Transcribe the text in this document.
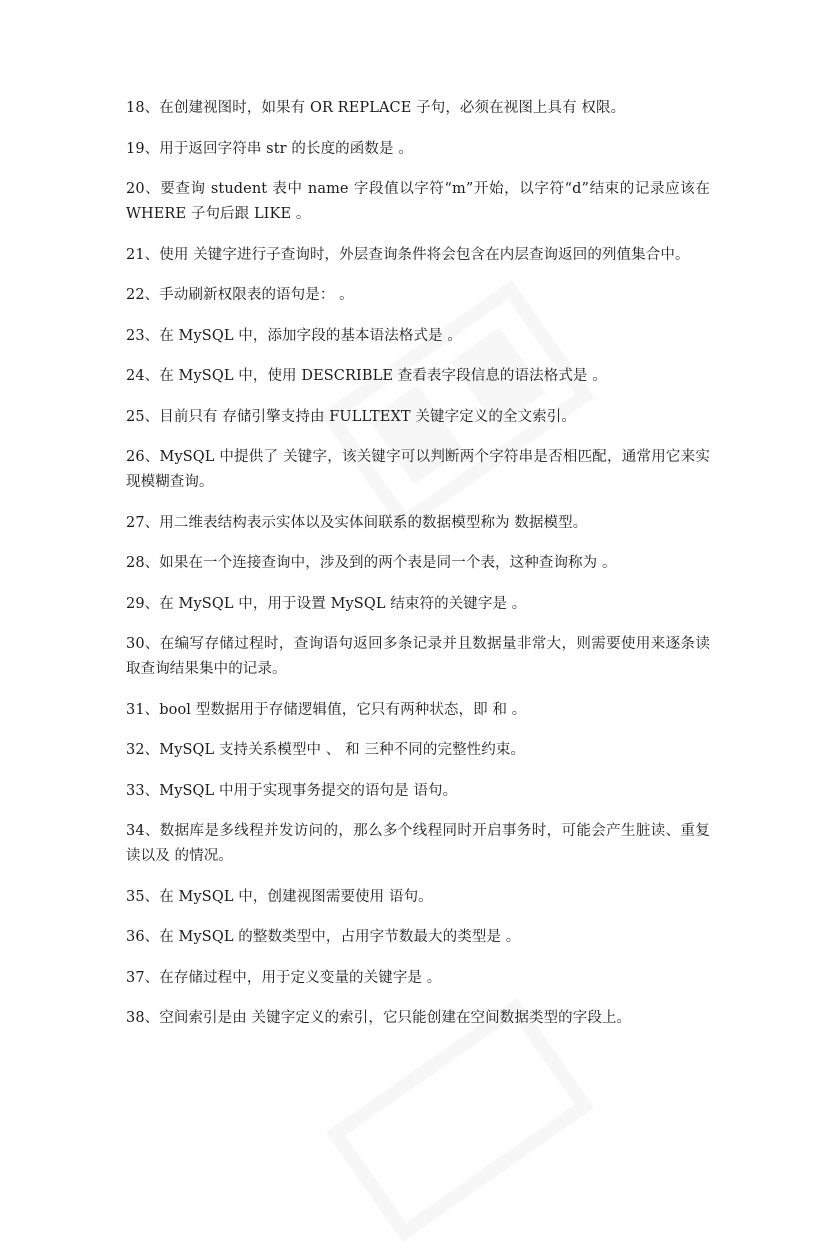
18、在创建视图时，如果有 OR REPLACE 子句，必须在视图上具有 权限。

19、用于返回字符串 str 的长度的函数是 。

20、要查询 student 表中 name 字段值以字符“m”开始，以字符“d”结束的记录应该在 WHERE 子句后跟 LIKE 。

21、使用 关键字进行子查询时，外层查询条件将会包含在内层查询返回的列值集合中。

22、手动刷新权限表的语句是： 。

23、在 MySQL 中，添加字段的基本语法格式是 。

24、在 MySQL 中，使用 DESCRIBLE 查看表字段信息的语法格式是 。

25、目前只有 存储引擎支持由 FULLTEXT 关键字定义的全文索引。

26、MySQL 中提供了 关键字，该关键字可以判断两个字符串是否相匹配，通常用它来实现模糊查询。

27、用二维表结构表示实体以及实体间联系的数据模型称为 数据模型。

28、如果在一个连接查询中，涉及到的两个表是同一个表，这种查询称为 。

29、在 MySQL 中，用于设置 MySQL 结束符的关键字是 。

30、在编写存储过程时，查询语句返回多条记录并且数据量非常大，则需要使用来逐条读取查询结果集中的记录。

31、bool 型数据用于存储逻辑值，它只有两种状态，即 和 。

32、MySQL 支持关系模型中 、 和 三种不同的完整性约束。

33、MySQL 中用于实现事务提交的语句是 语句。

34、数据库是多线程并发访问的，那么多个线程同时开启事务时，可能会产生脏读、重复读以及 的情况。

35、在 MySQL 中，创建视图需要使用 语句。

36、在 MySQL 的整数类型中，占用字节数最大的类型是 。

37、在存储过程中，用于定义变量的关键字是 。

38、空间索引是由 关键字定义的索引，它只能创建在空间数据类型的字段上。
